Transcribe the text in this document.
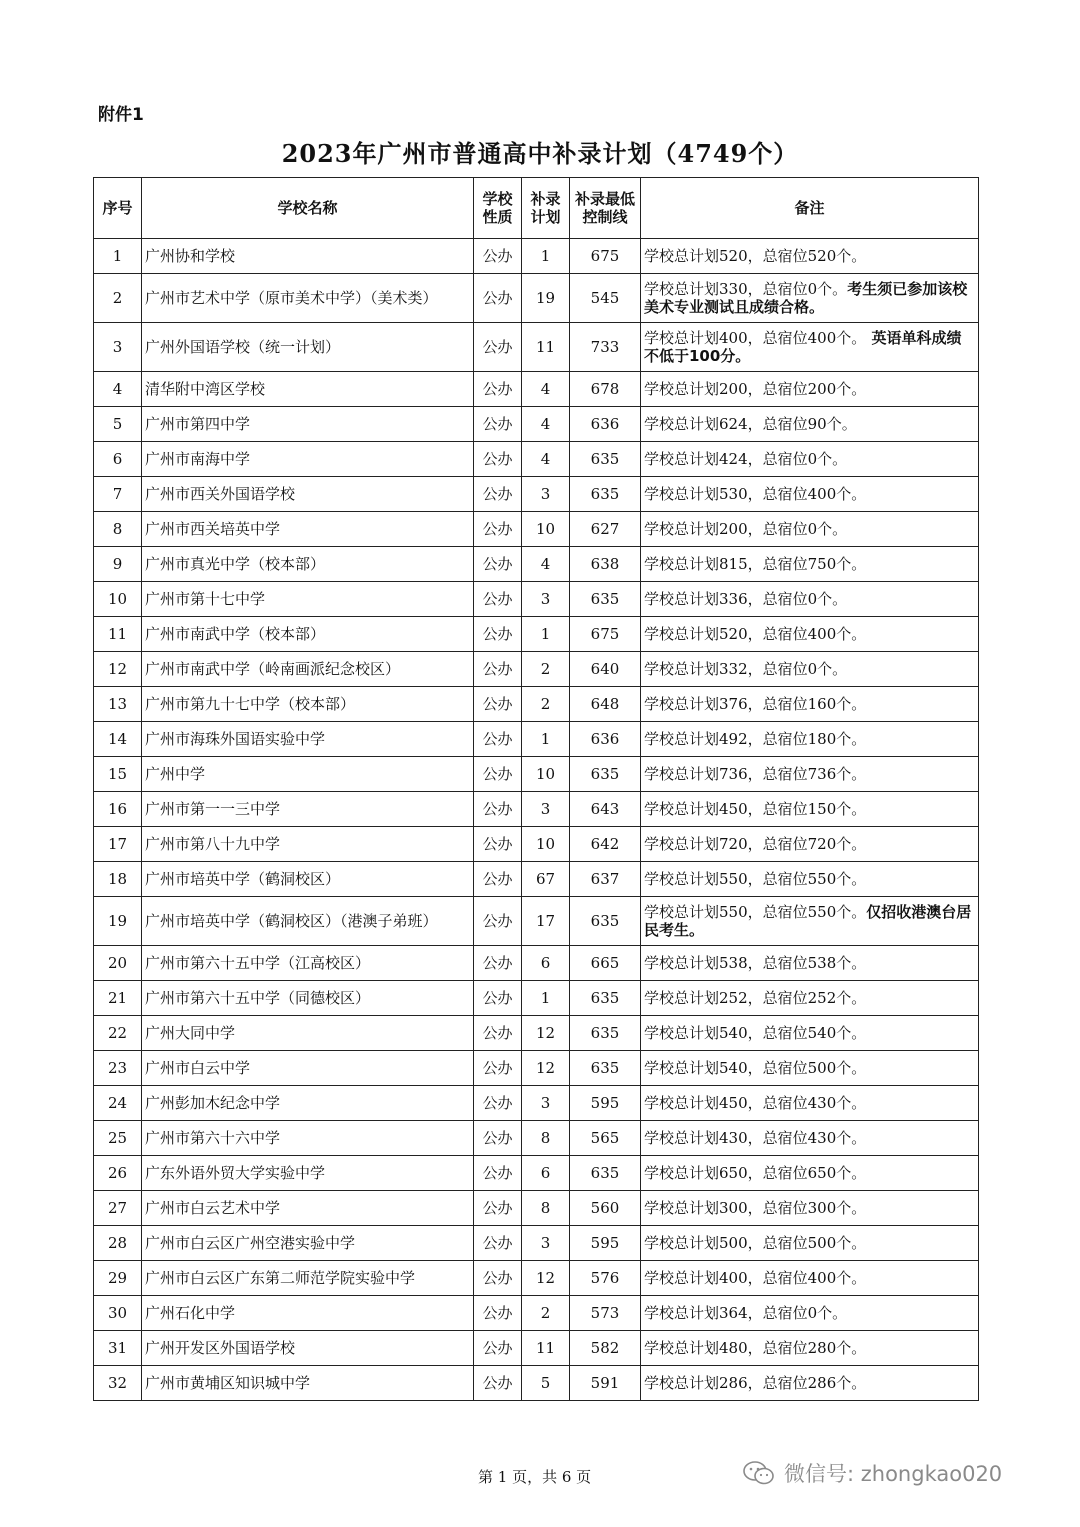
附件1
2023年广州市普通高中补录计划（4749个）
序号	学校名称	学校性质	补录计划	补录最低控制线	备注
1	广州协和学校	公办	1	675	学校总计划520，总宿位520个。
2	广州市艺术中学（原市美术中学）（美术类）	公办	19	545	学校总计划330，总宿位0个。考生须已参加该校美术专业测试且成绩合格。
3	广州外国语学校（统一计划）	公办	11	733	学校总计划400，总宿位400个。 英语单科成绩不低于100分。
4	清华附中湾区学校	公办	4	678	学校总计划200，总宿位200个。
5	广州市第四中学	公办	4	636	学校总计划624，总宿位90个。
6	广州市南海中学	公办	4	635	学校总计划424，总宿位0个。
7	广州市西关外国语学校	公办	3	635	学校总计划530，总宿位400个。
8	广州市西关培英中学	公办	10	627	学校总计划200，总宿位0个。
9	广州市真光中学（校本部）	公办	4	638	学校总计划815，总宿位750个。
10	广州市第十七中学	公办	3	635	学校总计划336，总宿位0个。
11	广州市南武中学（校本部）	公办	1	675	学校总计划520，总宿位400个。
12	广州市南武中学（岭南画派纪念校区）	公办	2	640	学校总计划332，总宿位0个。
13	广州市第九十七中学（校本部）	公办	2	648	学校总计划376，总宿位160个。
14	广州市海珠外国语实验中学	公办	1	636	学校总计划492，总宿位180个。
15	广州中学	公办	10	635	学校总计划736，总宿位736个。
16	广州市第一一三中学	公办	3	643	学校总计划450，总宿位150个。
17	广州市第八十九中学	公办	10	642	学校总计划720，总宿位720个。
18	广州市培英中学（鹤洞校区）	公办	67	637	学校总计划550，总宿位550个。
19	广州市培英中学（鹤洞校区）（港澳子弟班）	公办	17	635	学校总计划550，总宿位550个。仅招收港澳台居民考生。
20	广州市第六十五中学（江高校区）	公办	6	665	学校总计划538，总宿位538个。
21	广州市第六十五中学（同德校区）	公办	1	635	学校总计划252，总宿位252个。
22	广州大同中学	公办	12	635	学校总计划540，总宿位540个。
23	广州市白云中学	公办	12	635	学校总计划540，总宿位500个。
24	广州彭加木纪念中学	公办	3	595	学校总计划450，总宿位430个。
25	广州市第六十六中学	公办	8	565	学校总计划430，总宿位430个。
26	广东外语外贸大学实验中学	公办	6	635	学校总计划650，总宿位650个。
27	广州市白云艺术中学	公办	8	560	学校总计划300，总宿位300个。
28	广州市白云区广州空港实验中学	公办	3	595	学校总计划500，总宿位500个。
29	广州市白云区广东第二师范学院实验中学	公办	12	576	学校总计划400，总宿位400个。
30	广州石化中学	公办	2	573	学校总计划364，总宿位0个。
31	广州开发区外国语学校	公办	11	582	学校总计划480，总宿位280个。
32	广州市黄埔区知识城中学	公办	5	591	学校总计划286，总宿位286个。
第 1 页，共 6 页	微信号: zhongkao020
